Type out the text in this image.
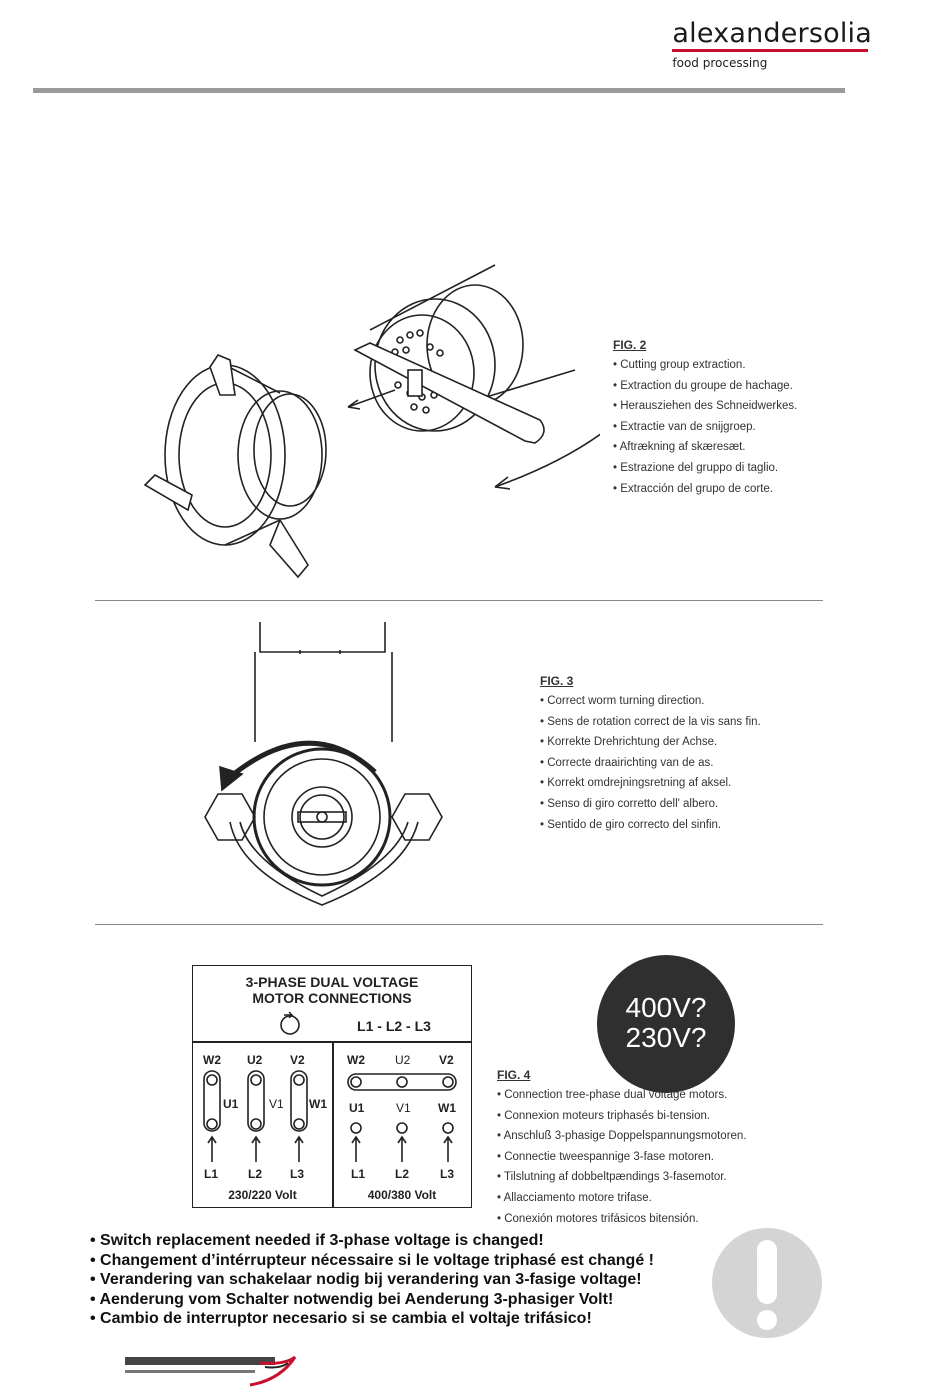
alexandersolia
food processing
FIG. 2
• Cutting group extraction.
• Extraction du groupe de hachage.
• Herausziehen des Schneidwerkes.
• Extractie van de snijgroep.
• Aftrækning af skæresæt.
• Estrazione del gruppo di taglio.
• Extracción del grupo de corte.
FIG. 3
• Correct worm turning direction.
• Sens de rotation correct de la vis sans fin.
• Korrekte Drehrichtung der Achse.
• Correcte draairichting van de as.
• Korrekt omdrejningsretning af aksel.
• Senso di giro corretto dell' albero.
• Sentido de giro correcto del sinfin.
3-PHASE DUAL VOLTAGE
MOTOR CONNECTIONS
L1 - L2 - L3
W2 U2 V2
U1	V1 W1
L1 L2 L3
230/220 Volt
W2	U2 V2
U1	V1 W1
L1 L2	L3
400/380 Volt
400V?
230V?
FIG. 4
• Connection tree-phase dual voltage motors.
• Connexion moteurs triphasés bi-tension.
• Anschluß 3-phasige Doppelspannungsmotoren.
• Connectie tweespannige 3-fase motoren.
• Tilslutning af dobbeltpændings 3-fasemotor.
• Allacciamento motore trifase.
• Conexión motores trifásicos bitensión.
• Switch replacement needed if 3-phase voltage is changed!
• Changement d’intérrupteur nécessaire si le voltage triphasé est changé !
• Verandering van schakelaar nodig bij verandering van 3-fasige voltage!
• Aenderung vom Schalter notwendig bei Aenderung 3-phasiger Volt!
• Cambio de interruptor necesario si se cambia el voltaje trifásico!
